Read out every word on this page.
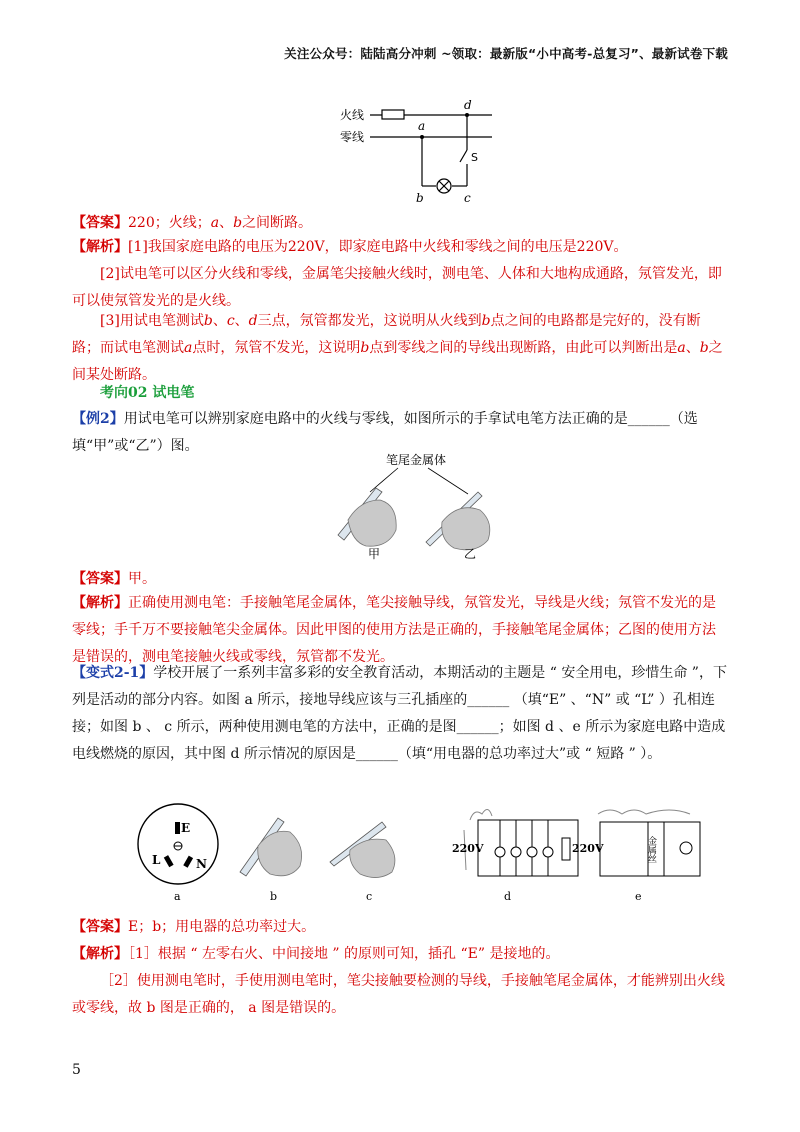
关注公众号：陆陆高分冲刺 ~领取：最新版“小中高考-总复习”、最新试卷下载
火线
零线
a
d
b	c
S

【答案】220；火线；a、b之间断路。

【解析】[1]我国家庭电路的电压为220V，即家庭电路中火线和零线之间的电压是220V。

[2]试电笔可以区分火线和零线，金属笔尖接触火线时，测电笔、人体和大地构成通路，氖管发光，即可以使氖管发光的是火线。

[3]用试电笔测试b、c、d三点，氖管都发光，这说明从火线到b点之间的电路都是完好的，没有断路；而试电笔测试a点时，氖管不发光，这说明b点到零线之间的导线出现断路，由此可以判断出是a、b之间某处断路。

考向02 试电笔

【例2】用试电笔可以辨别家庭电路中的火线与零线，如图所示的手拿试电笔方法正确的是______（选填“甲”或“乙”）图。

笔尾金属体
甲	乙

【答案】甲。

【解析】正确使用测电笔：手接触笔尾金属体，笔尖接触导线，氖管发光，导线是火线；氖管不发光的是零线；手千万不要接触笔尖金属体。因此甲图的使用方法是正确的，手接触笔尾金属体；乙图的使用方法是错误的，测电笔接触火线或零线，氖管都不发光。

【变式2-1】学校开展了一系列丰富多彩的安全教育活动，本期活动的主题是 “ 安全用电，珍惜生命 ”，下列是活动的部分内容。如图 a 所示，接地导线应该与三孔插座的______ （填“E” 、“N” 或 “L” ）孔相连接；如图 b 、 c 所示，两种使用测电笔的方法中，正确的是图______；如图 d 、e 所示为家庭电路中造成电线燃烧的原因，其中图 d 所示情况的原因是______（填“用电器的总功率过大”或 “ 短路 ” ）。

E
L	N
a	b	c
220V
d
220V	金属丝
e

【答案】E；b；用电器的总功率过大。

【解析】［1］根据 “ 左零右火、中间接地 ” 的原则可知，插孔 “E” 是接地的。

［2］使用测电笔时，手使用测电笔时，笔尖接触要检测的导线，手接触笔尾金属体，才能辨别出火线或零线，故 b 图是正确的， a 图是错误的。

5
